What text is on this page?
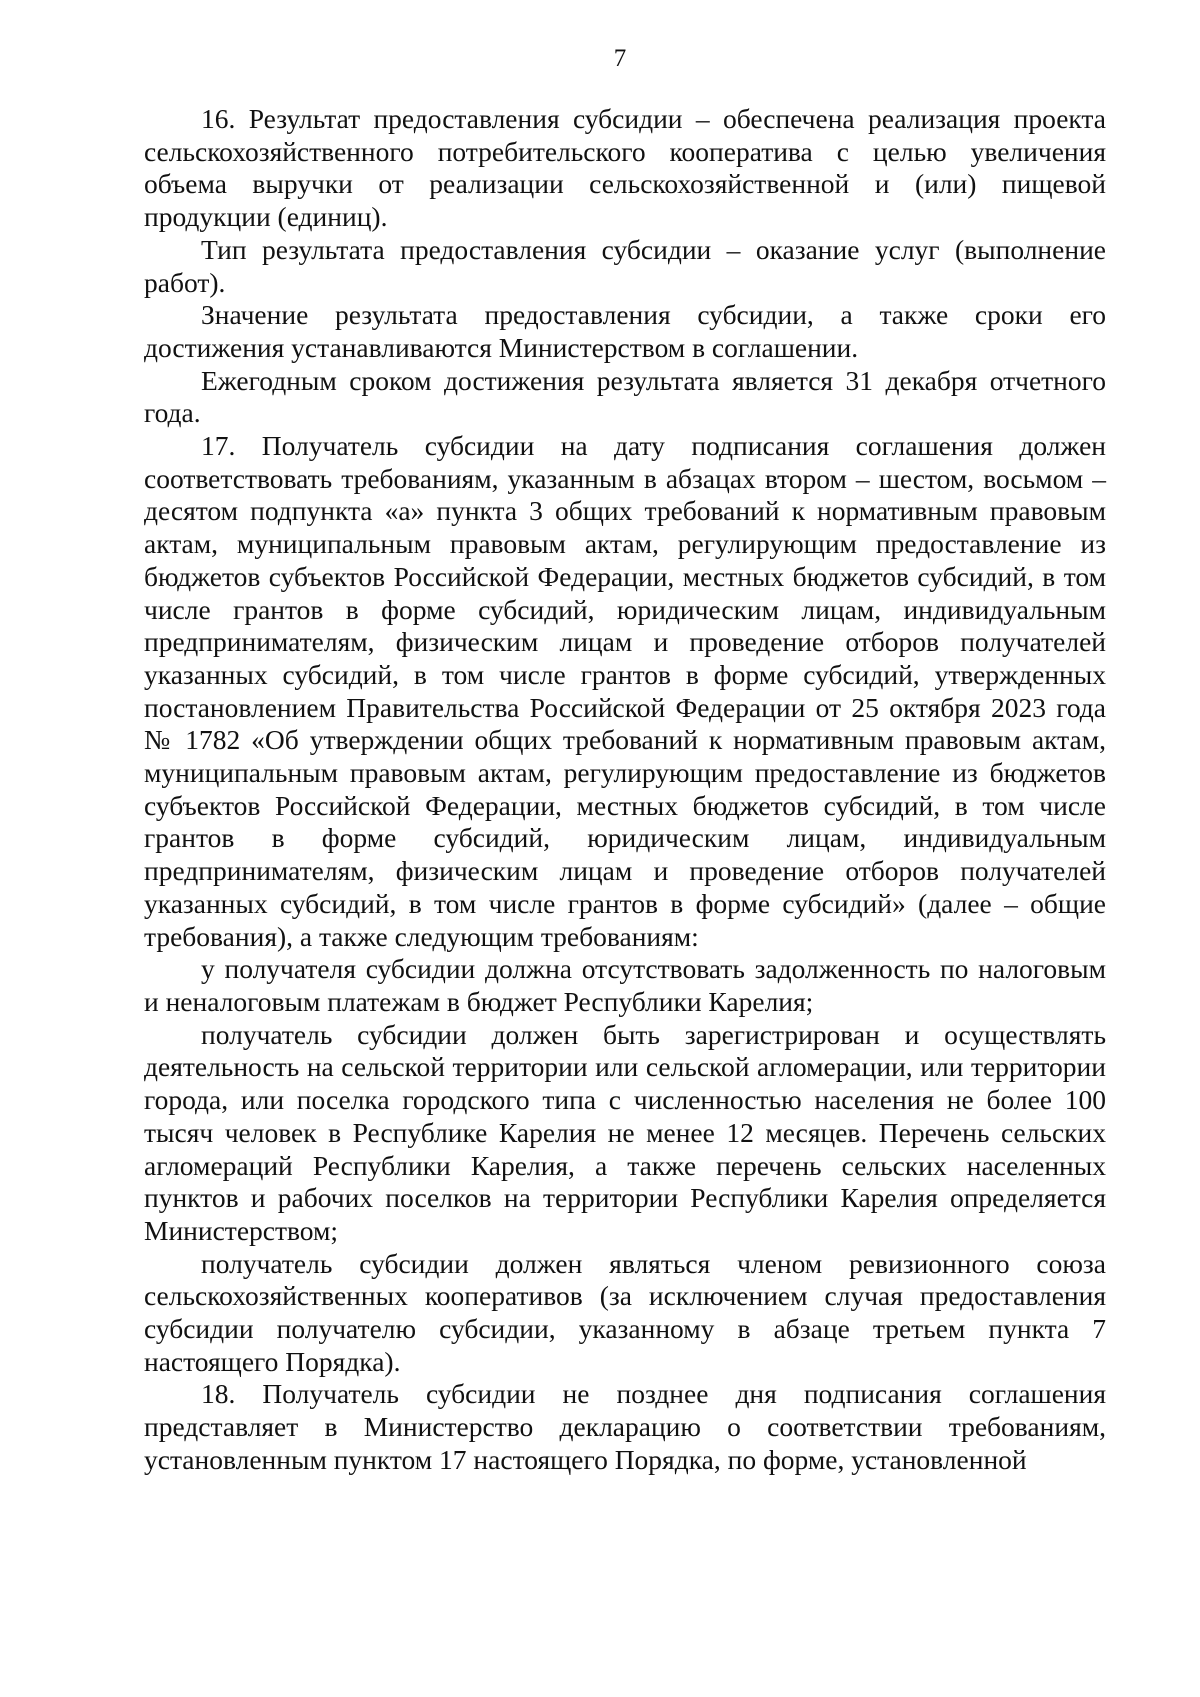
7

16. Результат предоставления субсидии – обеспечена реализация проекта сельскохозяйственного потребительского кооператива с целью увеличения объема выручки от реализации сельскохозяйственной и (или) пищевой продукции (единиц).

Тип результата предоставления субсидии – оказание услуг (выполнение работ).

Значение результата предоставления субсидии, а также сроки его достижения устанавливаются Министерством в соглашении.

Ежегодным сроком достижения результата является 31 декабря отчетного года.

17. Получатель субсидии на дату подписания соглашения должен соответствовать требованиям, указанным в абзацах втором – шестом, восьмом – десятом подпункта «а» пункта 3 общих требований к нормативным правовым актам, муниципальным правовым актам, регулирующим предоставление из бюджетов субъектов Российской Федерации, местных бюджетов субсидий, в том числе грантов в форме субсидий, юридическим лицам, индивидуальным предпринимателям, физическим лицам и проведение отборов получателей указанных субсидий, в том числе грантов в форме субсидий, утвержденных постановлением Правительства Российской Федерации от 25 октября 2023 года № 1782 «Об утверждении общих требований к нормативным правовым актам, муниципальным правовым актам, регулирующим предоставление из бюджетов субъектов Российской Федерации, местных бюджетов субсидий, в том числе грантов в форме субсидий, юридическим лицам, индивидуальным предпринимателям, физическим лицам и проведение отборов получателей указанных субсидий, в том числе грантов в форме субсидий» (далее – общие требования), а также следующим требованиям:

у получателя субсидии должна отсутствовать задолженность по налоговым и неналоговым платежам в бюджет Республики Карелия;

получатель субсидии должен быть зарегистрирован и осуществлять деятельность на сельской территории или сельской агломерации, или территории города, или поселка городского типа с численностью населения не более 100 тысяч человек в Республике Карелия не менее 12 месяцев. Перечень сельских агломераций Республики Карелия, а также перечень сельских населенных пунктов и рабочих поселков на территории Республики Карелия определяется Министерством;

получатель субсидии должен являться членом ревизионного союза сельскохозяйственных кооперативов (за исключением случая предоставления субсидии получателю субсидии, указанному в абзаце третьем пункта 7 настоящего Порядка).

18. Получатель субсидии не позднее дня подписания соглашения представляет в Министерство декларацию о соответствии требованиям, установленным пунктом 17 настоящего Порядка, по форме, установленной
